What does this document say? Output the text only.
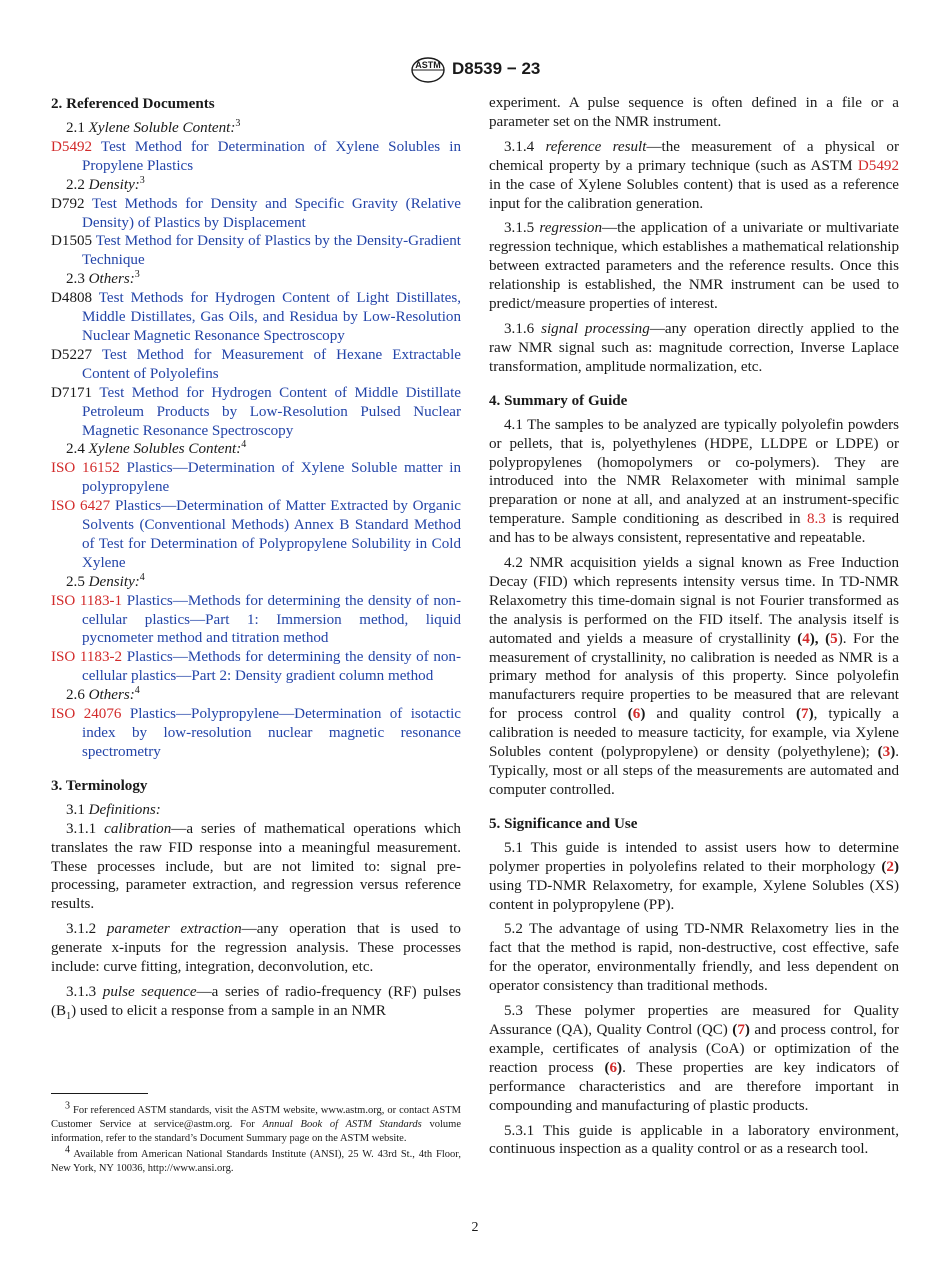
ASTM D8539 − 23
2. Referenced Documents
2.1 Xylene Soluble Content:$^3$
D5492 Test Method for Determination of Xylene Solubles in Propylene Plastics
2.2 Density:$^3$
D792 Test Methods for Density and Specific Gravity (Relative Density) of Plastics by Displacement
D1505 Test Method for Density of Plastics by the Density-Gradient Technique
2.3 Others:$^3$
D4808 Test Methods for Hydrogen Content of Light Distillates, Middle Distillates, Gas Oils, and Residua by Low-Resolution Nuclear Magnetic Resonance Spectroscopy
D5227 Test Method for Measurement of Hexane Extractable Content of Polyolefins
D7171 Test Method for Hydrogen Content of Middle Distillate Petroleum Products by Low-Resolution Pulsed Nuclear Magnetic Resonance Spectroscopy
2.4 Xylene Solubles Content:$^4$
ISO 16152 Plastics—Determination of Xylene Soluble matter in polypropylene
ISO 6427 Plastics—Determination of Matter Extracted by Organic Solvents (Conventional Methods) Annex B Standard Method of Test for Determination of Polypropylene Solubility in Cold Xylene
2.5 Density:$^4$
ISO 1183-1 Plastics—Methods for determining the density of non-cellular plastics—Part 1: Immersion method, liquid pycnometer method and titration method
ISO 1183-2 Plastics—Methods for determining the density of non-cellular plastics—Part 2: Density gradient column method
2.6 Others:$^4$
ISO 24076 Plastics—Polypropylene—Determination of isotactic index by low-resolution nuclear magnetic resonance spectrometry
3. Terminology
3.1 Definitions:

3.1.1 calibration—a series of mathematical operations which translates the raw FID response into a meaningful measurement. These processes include, but are not limited to: signal pre-processing, parameter extraction, and regression versus reference results.

3.1.2 parameter extraction—any operation that is used to generate x-inputs for the regression analysis. These processes include: curve fitting, integration, deconvolution, etc.

3.1.3 pulse sequence—a series of radio-frequency (RF) pulses $(B_1)$ used to elicit a response from a sample in an NMR

$^3$ For referenced ASTM standards, visit the ASTM website, www.astm.org, or contact ASTM Customer Service at service@astm.org. For Annual Book of ASTM Standards volume information, refer to the standard’s Document Summary page on the ASTM website.

$^4$ Available from American National Standards Institute (ANSI), 25 W. 43rd St., 4th Floor, New York, NY 10036, http://www.ansi.org.

experiment. A pulse sequence is often defined in a file or a parameter set on the NMR instrument.

3.1.4 reference result—the measurement of a physical or chemical property by a primary technique (such as ASTM D5492 in the case of Xylene Solubles content) that is used as a reference input for the calibration generation.

3.1.5 regression—the application of a univariate or multivariate regression technique, which establishes a mathematical relationship between extracted parameters and the reference results. Once this relationship is established, the NMR instrument can be used to predict/measure properties of interest.

3.1.6 signal processing—any operation directly applied to the raw NMR signal such as: magnitude correction, Inverse Laplace transformation, amplitude normalization, etc.

4. Summary of Guide

4.1 The samples to be analyzed are typically polyolefin powders or pellets, that is, polyethylenes (HDPE, LLDPE or LDPE) or polypropylenes (homopolymers or co-polymers). They are introduced into the NMR Relaxometer with minimal sample preparation or none at all, and analyzed at an instrument-specific temperature. Sample conditioning as described in 8.3 is required and has to be always consistent, representative and repeatable.

4.2 NMR acquisition yields a signal known as Free Induction Decay (FID) which represents intensity versus time. In TD-NMR Relaxometry this time-domain signal is not Fourier transformed as the analysis is performed on the FID itself. The analysis itself is automated and yields a measure of crystallinity (4), (5). For the measurement of crystallinity, no calibration is needed as NMR is a primary method for analysis of this property. Since polyolefin manufacturers require properties to be measured that are relevant for process control (6) and quality control (7), typically a calibration is needed to measure tacticity, for example, via Xylene Solubles content (polypropylene) or density (polyethylene); (3). Typically, most or all steps of the measurements are automated and computer controlled.

5. Significance and Use

5.1 This guide is intended to assist users how to determine polymer properties in polyolefins related to their morphology (2) using TD-NMR Relaxometry, for example, Xylene Solubles (XS) content in polypropylene (PP).

5.2 The advantage of using TD-NMR Relaxometry lies in the fact that the method is rapid, non-destructive, cost effective, safe for the operator, environmentally friendly, and less dependent on operator consistency than traditional methods.

5.3 These polymer properties are measured for Quality Assurance (QA), Quality Control (QC) (7) and process control, for example, certificates of analysis (CoA) or optimization of the reaction process (6). These properties are key indicators of performance characteristics and are therefore important in compounding and manufacturing of plastic products.

5.3.1 This guide is applicable in a laboratory environment, continuous inspection as a quality control or as a research tool.

2
